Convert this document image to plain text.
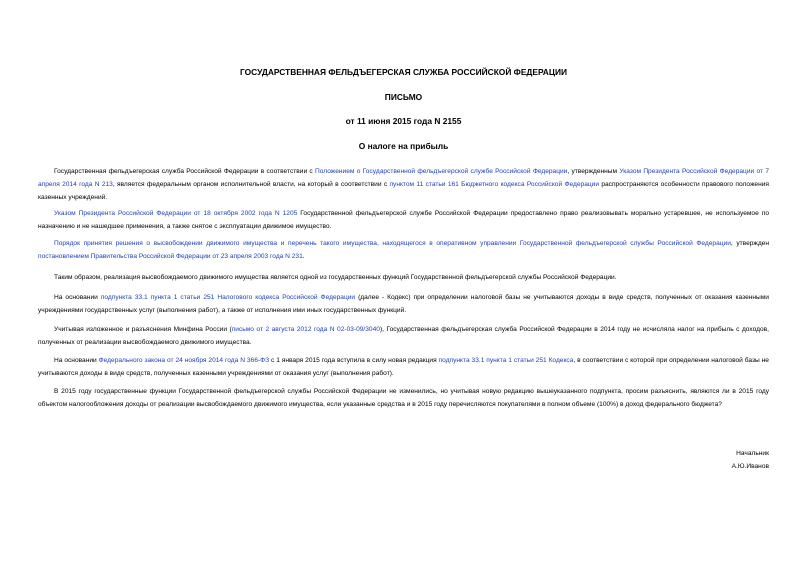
ГОСУДАРСТВЕННАЯ ФЕЛЬДЪЕГЕРСКАЯ СЛУЖБА РОССИЙСКОЙ ФЕДЕРАЦИИ
ПИСЬМО
от 11 июня 2015 года N 2155
О налоге на прибыль
Государственная фельдъегерская служба Российской Федерации в соответствии с Положением о Государственной фельдъегерской службе Российской Федерации, утвержденным Указом Президента Российской Федерации от 7 апреля 2014 года N 213, является федеральным органом исполнительной власти, на который в соответствии с пунктом 11 статьи 161 Бюджетного кодекса Российской Федерации распространяются особенности правового положения казенных учреждений.
Указом Президента Российской Федерации от 18 октября 2002 года N 1205 Государственной фельдъегерской службе Российской Федерации предоставлено право реализовывать морально устаревшее, не используемое по назначению и не нашедшее применения, а также снятое с эксплуатации движимое имущество.
Порядок принятия решения о высвобождении движимого имущества и перечень такого имущества, находящегося в оперативном управлении Государственной фельдъегерской службы Российской Федерации, утвержден постановлением Правительства Российской Федерации от 23 апреля 2003 года N 231.
Таким образом, реализация высвобождаемого движимого имущества является одной из государственных функций Государственной фельдъегерской службы Российской Федерации.
На основании подпункта 33.1 пункта 1 статьи 251 Налогового кодекса Российской Федерации (далее - Кодекс) при определении налоговой базы не учитываются доходы в виде средств, полученных от оказания казенными учреждениями государственных услуг (выполнения работ), а также от исполнения ими иных государственных функций.
Учитывая изложенное и разъяснения Минфина России (письмо от 2 августа 2012 года N 02-03-09/3040), Государственная фельдъегерская служба Российской Федерации в 2014 году не исчисляла налог на прибыль с доходов, полученных от реализации высвобождаемого движимого имущества.
На основании Федерального закона от 24 ноября 2014 года N 366-ФЗ с 1 января 2015 года вступила в силу новая редакция подпункта 33.1 пункта 1 статьи 251 Кодекса, в соответствии с которой при определении налоговой базы не учитываются доходы в виде средств, полученных казенными учреждениями от оказания услуг (выполнения работ).
В 2015 году государственные функции Государственной фельдъегерской службы Российской Федерации не изменились, но учитывая новую редакцию вышеуказанного подпункта, просим разъяснить, являются ли в 2015 году объектом налогообложения доходы от реализации высвобождаемого движимого имущества, если указанные средства и в 2015 году перечисляются покупателями в полном объеме (100%) в доход федерального бюджета?
Начальник
А.Ю.Иванов
